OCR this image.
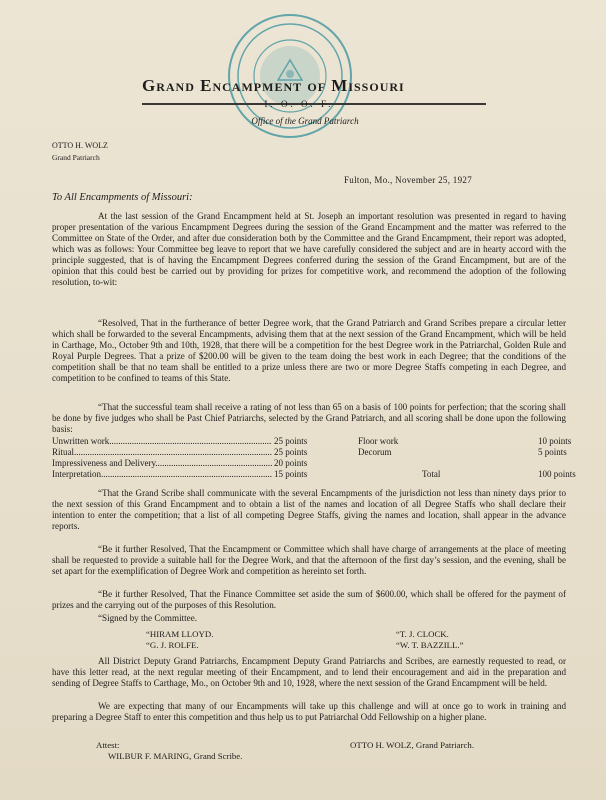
Grand Encampment of Missouri
I. O. O. F.
Office of the Grand Patriarch
OTTO H. WOLZ
Grand Patriarch
Fulton, Mo., November 25, 1927
To All Encampments of Missouri:
At the last session of the Grand Encampment held at St. Joseph an important resolution was presented in regard to having proper presentation of the various Encampment Degrees during the session of the Grand Encampment and the matter was referred to the Committee on State of the Order, and after due consideration both by the Committee and the Grand Encampment, their report was adopted, which was as follows: Your Committee beg leave to report that we have carefully considered the subject and are in hearty accord with the principle suggested, that is of having the Encampment Degrees conferred during the session of the Grand Encampment, but are of the opinion that this could best be carried out by providing for prizes for competitive work, and recommend the adoption of the following resolution, to-wit:
“Resolved, That in the furtherance of better Degree work, that the Grand Patriarch and Grand Scribes prepare a circular letter which shall be forwarded to the several Encampments, advising them that at the next session of the Grand Encampment, which will be held in Carthage, Mo., October 9th and 10th, 1928, that there will be a competition for the best Degree work in the Patriarchal, Golden Rule and Royal Purple Degrees. That a prize of $200.00 will be given to the team doing the best work in each Degree; that the conditions of the competition shall be that no team shall be entitled to a prize unless there are two or more Degree Staffs competing in each Degree, and competition to be confined to teams of this State.
“That the successful team shall receive a rating of not less than 65 on a basis of 100 points for perfection; that the scoring shall be done by five judges who shall be Past Chief Patriarchs, selected by the Grand Patriarch, and all scoring shall be done upon the following basis:
Unwritten work .....	25 points	Floor work	10 points
Ritual .....	25 points	Decorum	5 points
Impressiveness and Delivery .....	20 points
Interpretation .....	15 points	Total	100 points
“That the Grand Scribe shall communicate with the several Encampments of the jurisdiction not less than ninety days prior to the next session of this Grand Encampment and to obtain a list of the names and location of all Degree Staffs who shall declare their intention to enter the competition; that a list of all competing Degree Staffs, giving the names and location, shall appear in the advance reports.
“Be it further Resolved, That the Encampment or Committee which shall have charge of arrangements at the place of meeting shall be requested to provide a suitable hall for the Degree Work, and that the afternoon of the first day’s session, and the evening, shall be set apart for the exemplification of Degree Work and competition as hereinto set forth.
“Be it further Resolved, That the Finance Committee set aside the sum of $600.00, which shall be offered for the payment of prizes and the carrying out of the purposes of this Resolution.
“Signed by the Committee.
“HIRAM LLOYD.
“G. J. ROLFE.
“T. J. CLOCK.
“W. T. BAZZILL.”
All District Deputy Grand Patriarchs, Encampment Deputy Grand Patriarchs and Scribes, are earnestly requested to read, or have this letter read, at the next regular meeting of their Encampment, and to lend their encouragement and aid in the preparation and sending of Degree Staffs to Carthage, Mo., on October 9th and 10, 1928, where the next session of the Grand Encampment will be held.
We are expecting that many of our Encampments will take up this challenge and will at once go to work in training and preparing a Degree Staff to enter this competition and thus help us to put Patriarchal Odd Fellowship on a higher plane.
Attest:
WILBUR F. MARING, Grand Scribe.
OTTO H. WOLZ, Grand Patriarch.
